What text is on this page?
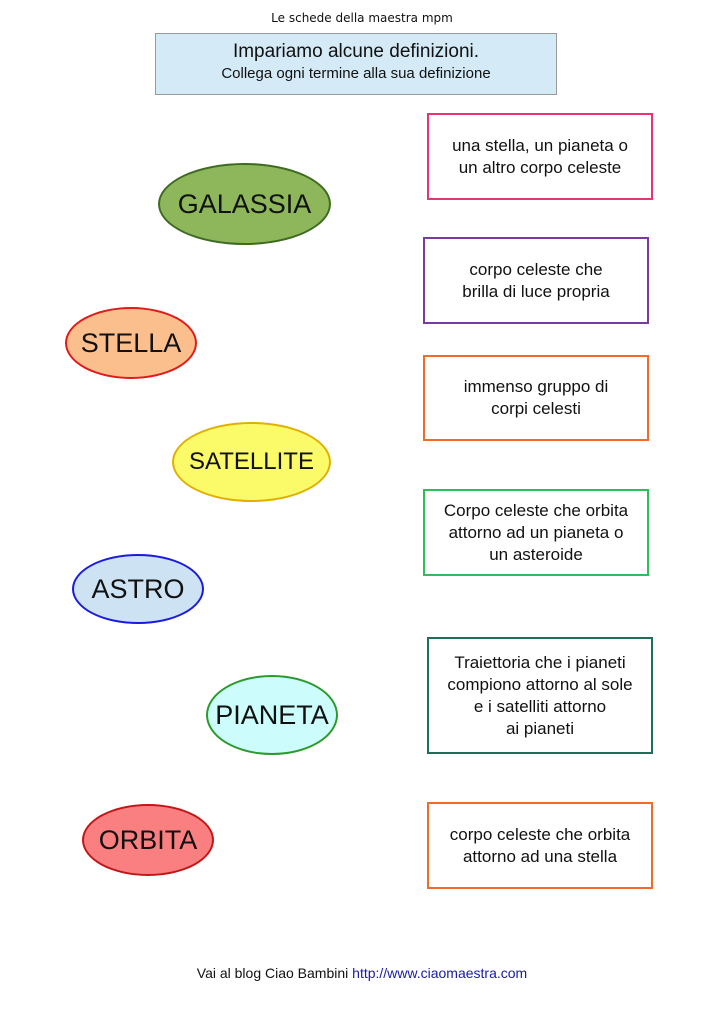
Le schede della maestra mpm
Impariamo alcune definizioni.
Collega ogni termine alla sua definizione
GALASSIA
STELLA
SATELLITE
ASTRO
PIANETA
ORBITA
una stella, un pianeta o
un altro corpo celeste
corpo celeste che
brilla di luce propria
immenso gruppo di
corpi celesti
Corpo celeste che orbita
attorno ad un pianeta o
un asteroide
Traiettoria che i pianeti
compiono attorno al sole
e i satelliti attorno
ai pianeti
corpo celeste che orbita
attorno ad una stella
Vai al blog Ciao Bambini http://www.ciaomaestra.com
